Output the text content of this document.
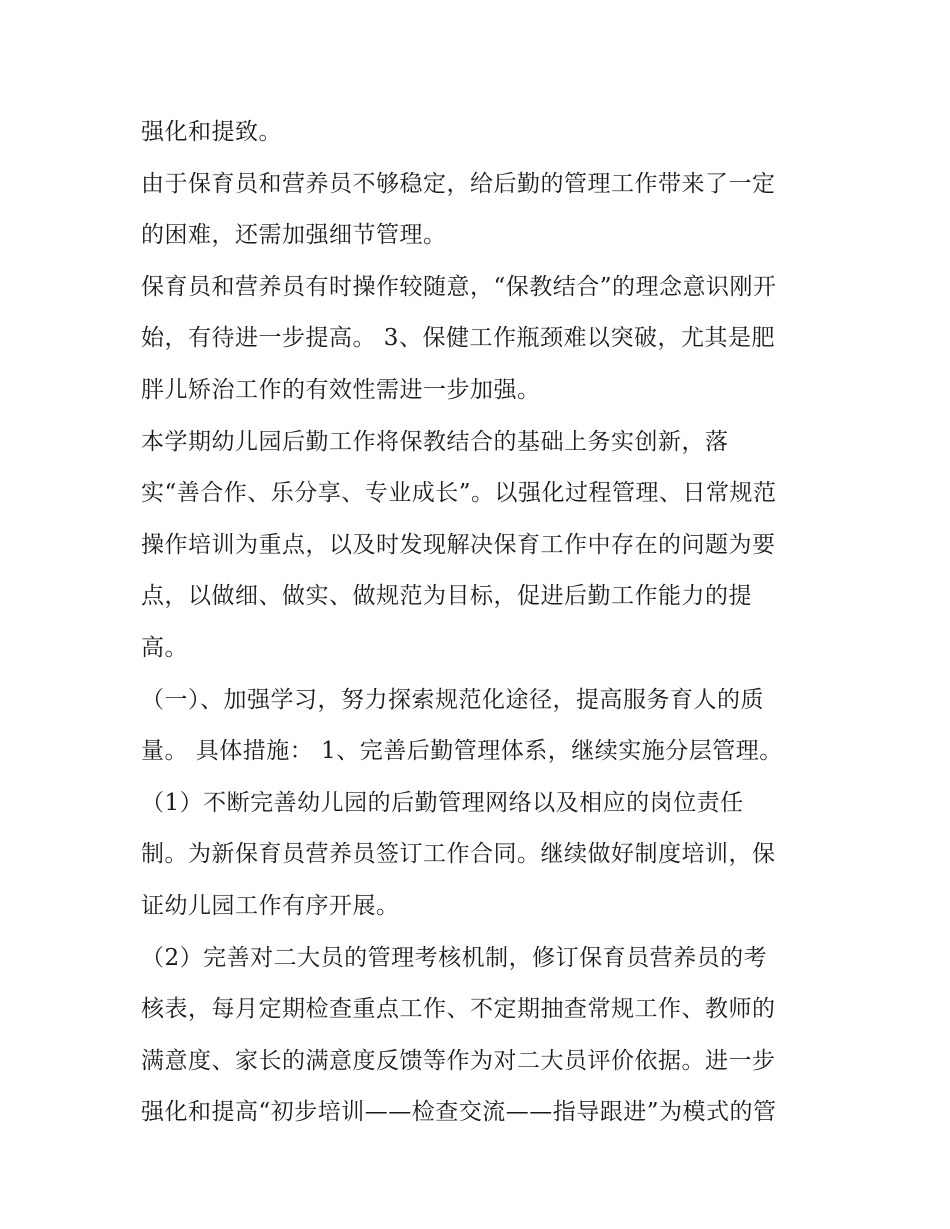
强化和提致。
由于保育员和营养员不够稳定，给后勤的管理工作带来了一定
的困难，还需加强细节管理。
保育员和营养员有时操作较随意，“保教结合”的理念意识刚开
始，有待进一步提高。 3、保健工作瓶颈难以突破，尤其是肥
胖儿矫治工作的有效性需进一步加强。
本学期幼儿园后勤工作将保教结合的基础上务实创新，落
实“善合作、乐分享、专业成长”。以强化过程管理、日常规范
操作培训为重点，以及时发现解决保育工作中存在的问题为要
点，以做细、做实、做规范为目标，促进后勤工作能力的提
高。
（一）、加强学习，努力探索规范化途径，提高服务育人的质
量。 具体措施： 1、完善后勤管理体系，继续实施分层管理。
（1）不断完善幼儿园的后勤管理网络以及相应的岗位责任
制。为新保育员营养员签订工作合同。继续做好制度培训，保
证幼儿园工作有序开展。
（2）完善对二大员的管理考核机制，修订保育员营养员的考
核表，每月定期检查重点工作、不定期抽查常规工作、教师的
满意度、家长的满意度反馈等作为对二大员评价依据。进一步
强化和提高“初步培训——检查交流——指导跟进”为模式的管
